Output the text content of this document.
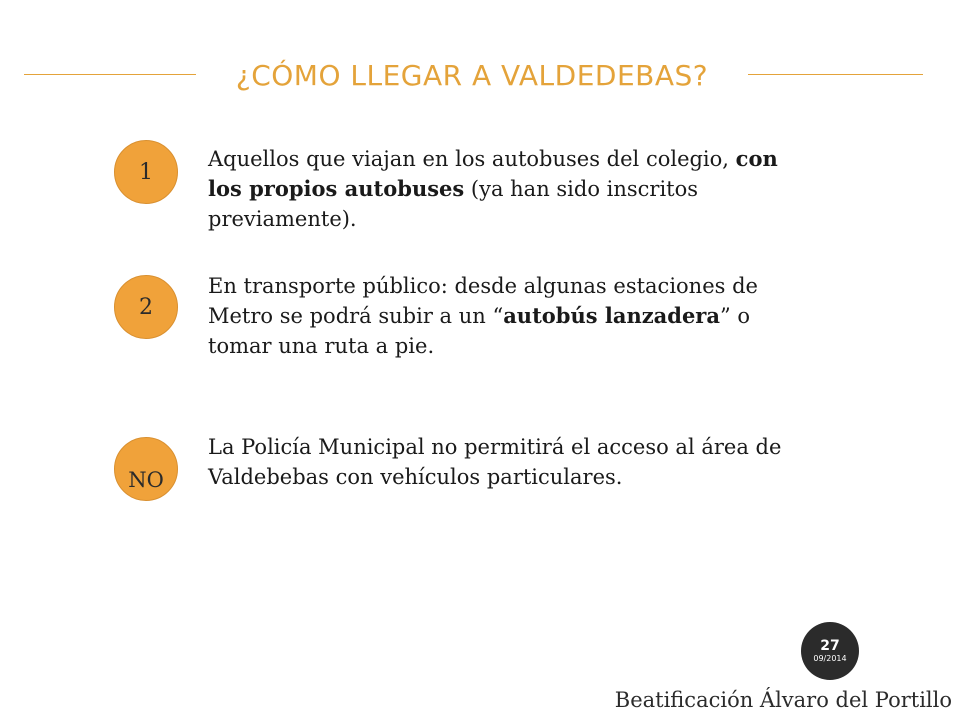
¿CÓMO LLEGAR A VALDEDEBAS?
1
Aquellos que viajan en los autobuses del colegio, con los propios autobuses (ya han sido inscritos previamente).
2
En transporte público: desde algunas estaciones de Metro se podrá subir a un “autobús lanzadera” o tomar una ruta a pie.
NO
La Policía Municipal no permitirá el acceso al área de Valdebebas con vehículos particulares.
27
09/2014
Beatificación Álvaro del Portillo
